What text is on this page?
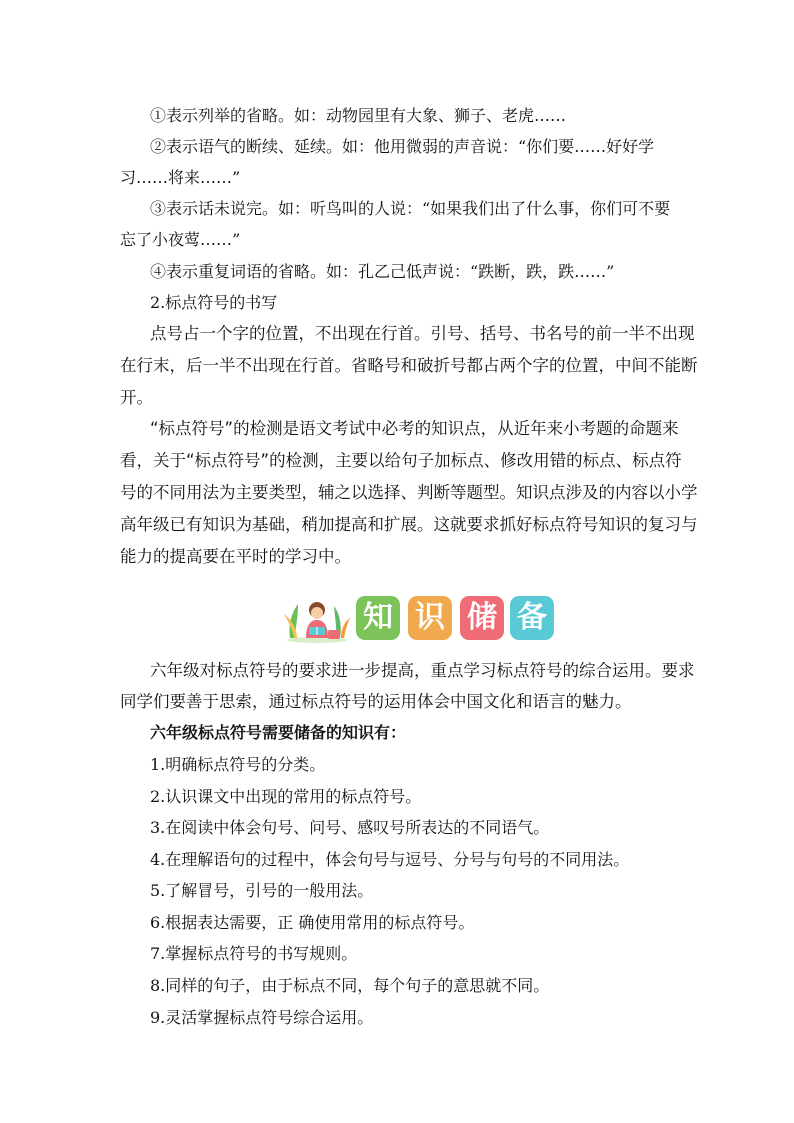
①表示列举的省略。如：动物园里有大象、狮子、老虎……
②表示语气的断续、延续。如：他用微弱的声音说：“你们要……好好学
习……将来……”
③表示话未说完。如：听鸟叫的人说：“如果我们出了什么事，你们可不要
忘了小夜莺……”
④表示重复词语的省略。如：孔乙己低声说：“跌断，跌，跌……”
2.标点符号的书写
点号占一个字的位置，不出现在行首。引号、括号、书名号的前一半不出现
在行末，后一半不出现在行首。省略号和破折号都占两个字的位置，中间不能断
开。
“标点符号”的检测是语文考试中必考的知识点，从近年来小考题的命题来
看，关于“标点符号”的检测，主要以给句子加标点、修改用错的标点、标点符
号的不同用法为主要类型，辅之以选择、判断等题型。知识点涉及的内容以小学
高年级已有知识为基础，稍加提高和扩展。这就要求抓好标点符号知识的复习与
能力的提高要在平时的学习中。
知 识 储 备
六年级对标点符号的要求进一步提高，重点学习标点符号的综合运用。要求
同学们要善于思索，通过标点符号的运用体会中国文化和语言的魅力。
六年级标点符号需要储备的知识有：
1.明确标点符号的分类。
2.认识课文中出现的常用的标点符号。
3.在阅读中体会句号、问号、感叹号所表达的不同语气。
4.在理解语句的过程中，体会句号与逗号、分号与句号的不同用法。
5.了解冒号，引号的一般用法。
6.根据表达需要，正 确使用常用的标点符号。
7.掌握标点符号的书写规则。
8.同样的句子，由于标点不同，每个句子的意思就不同。
9.灵活掌握标点符号综合运用。
